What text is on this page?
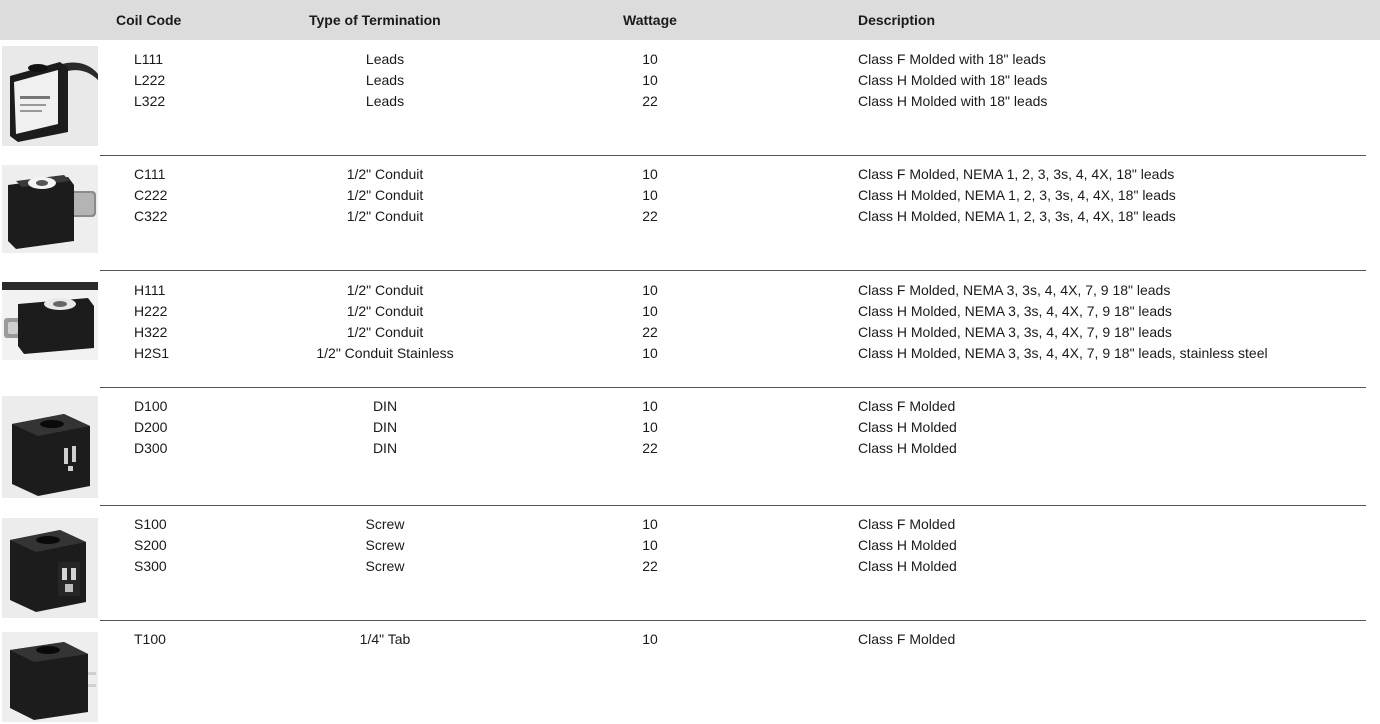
Coil Code	Type of Termination	Wattage	Description
L111	Leads	10	Class F Molded with 18" leads
L222	Leads	10	Class H Molded with 18" leads
L322	Leads	22	Class H Molded with 18" leads
C111	1/2" Conduit	10	Class F Molded, NEMA 1, 2, 3, 3s, 4, 4X, 18" leads
C222	1/2" Conduit	10	Class H Molded, NEMA 1, 2, 3, 3s, 4, 4X, 18" leads
C322	1/2" Conduit	22	Class H Molded, NEMA 1, 2, 3, 3s, 4, 4X, 18" leads
H111	1/2" Conduit	10	Class F Molded, NEMA 3, 3s, 4, 4X, 7, 9 18" leads
H222	1/2" Conduit	10	Class H Molded, NEMA 3, 3s, 4, 4X, 7, 9 18" leads
H322	1/2" Conduit	22	Class H Molded, NEMA 3, 3s, 4, 4X, 7, 9 18" leads
H2S1	1/2" Conduit Stainless	10	Class H Molded, NEMA 3, 3s, 4, 4X, 7, 9 18" leads, stainless steel
D100	DIN	10	Class F Molded
D200	DIN	10	Class H Molded
D300	DIN	22	Class H Molded
S100	Screw	10	Class F Molded
S200	Screw	10	Class H Molded
S300	Screw	22	Class H Molded
T100	1/4" Tab	10	Class F Molded
